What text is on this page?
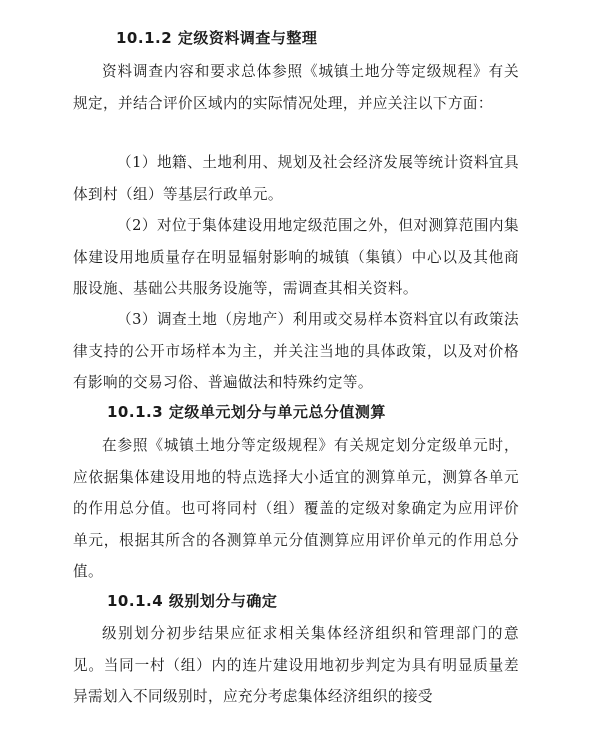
10.1.2 定级资料调查与整理
资料调查内容和要求总体参照《城镇土地分等定级规程》有关规定，并结合评价区域内的实际情况处理，并应关注以下方面：
（1）地籍、土地利用、规划及社会经济发展等统计资料宜具体到村（组）等基层行政单元。
（2）对位于集体建设用地定级范围之外，但对测算范围内集体建设用地质量存在明显辐射影响的城镇（集镇）中心以及其他商服设施、基础公共服务设施等，需调查其相关资料。
（3）调查土地（房地产）利用或交易样本资料宜以有政策法律支持的公开市场样本为主，并关注当地的具体政策，以及对价格有影响的交易习俗、普遍做法和特殊约定等。
10.1.3 定级单元划分与单元总分值测算
在参照《城镇土地分等定级规程》有关规定划分定级单元时，应依据集体建设用地的特点选择大小适宜的测算单元，测算各单元的作用总分值。也可将同村（组）覆盖的定级对象确定为应用评价单元，根据其所含的各测算单元分值测算应用评价单元的作用总分值。
10.1.4 级别划分与确定
级别划分初步结果应征求相关集体经济组织和管理部门的意见。当同一村（组）内的连片建设用地初步判定为具有明显质量差异需划入不同级别时，应充分考虑集体经济组织的接受
